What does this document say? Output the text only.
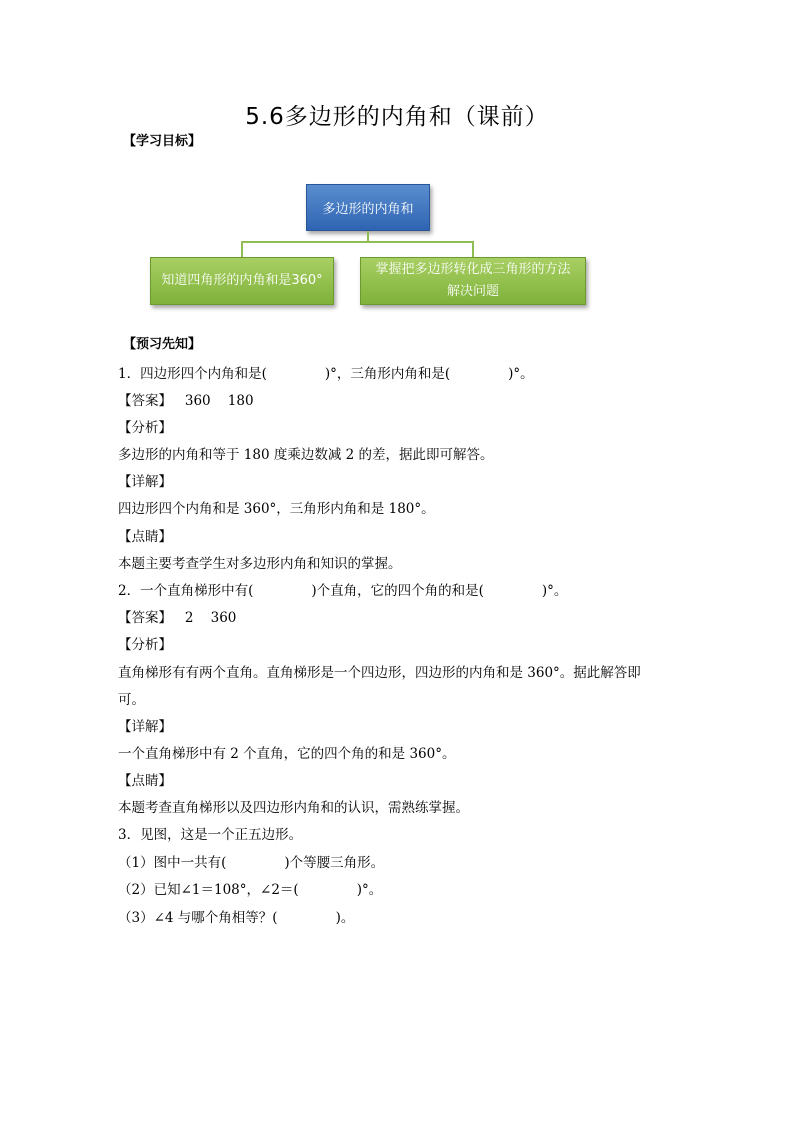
5.6多边形的内角和（课前）
【学习目标】
多边形的内角和
知道四角形的内角和是360°
掌握把多边形转化成三角形的方法
解决问题
【预习先知】
1．四边形四个内角和是(	)°，三角形内角和是(	)°。
【答案】 360    180
【分析】
多边形的内角和等于 180 度乘边数减 2 的差，据此即可解答。
【详解】
四边形四个内角和是 360°，三角形内角和是 180°。
【点睛】
本题主要考查学生对多边形内角和知识的掌握。
2．一个直角梯形中有(	)个直角，它的四个角的和是(	)°。
【答案】 2    360
【分析】
直角梯形有有两个直角。直角梯形是一个四边形，四边形的内角和是 360°。据此解答即
可。
【详解】
一个直角梯形中有 2 个直角，它的四个角的和是 360°。
【点睛】
本题考查直角梯形以及四边形内角和的认识，需熟练掌握。
3．见图，这是一个正五边形。
（1）图中一共有(	)个等腰三角形。
（2）已知∠1＝108°，∠2＝(	)°。
（3）∠4 与哪个角相等？(	)。
